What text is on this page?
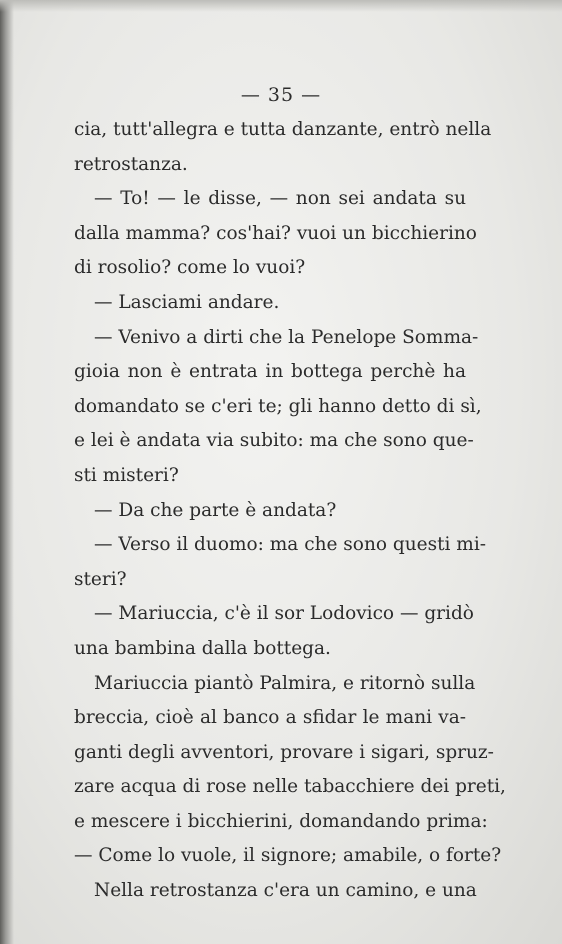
— 35 —
cia, tutt'allegra e tutta danzante, entrò nella
retrostanza.
— To! — le disse, — non sei andata su
dalla mamma? cos'hai? vuoi un bicchierino
di rosolio? come lo vuoi?
— Lasciami andare.
— Venivo a dirti che la Penelope Somma-
gioia non è entrata in bottega perchè ha
domandato se c'eri te; gli hanno detto di sì,
e lei è andata via subito: ma che sono que-
sti misteri?
— Da che parte è andata?
— Verso il duomo: ma che sono questi mi-
steri?
— Mariuccia, c'è il sor Lodovico — gridò
una bambina dalla bottega.
Mariuccia piantò Palmira, e ritornò sulla
breccia, cioè al banco a sfidar le mani va-
ganti degli avventori, provare i sigari, spruz-
zare acqua di rose nelle tabacchiere dei preti,
e mescere i bicchierini, domandando prima:
— Come lo vuole, il signore; amabile, o forte?
Nella retrostanza c'era un camino, e una
